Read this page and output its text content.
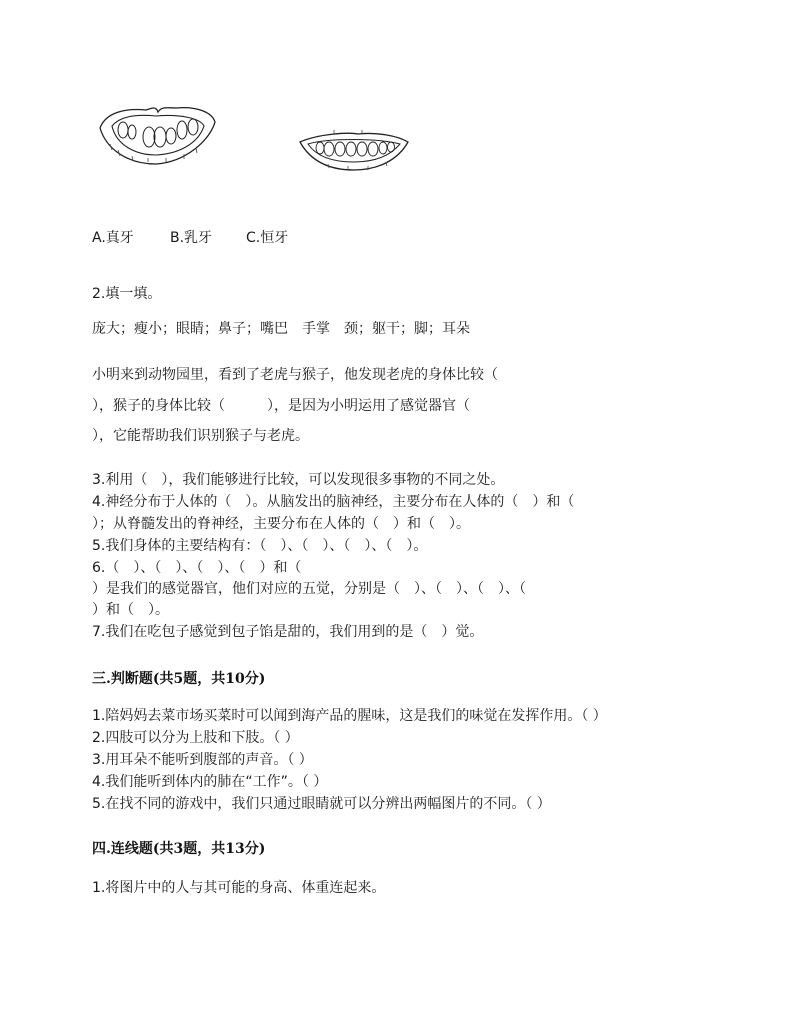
A.真牙	B.乳牙 C.恒牙
2.填一填。
庞大；瘦小；眼睛；鼻子；嘴巴　手掌　颈；躯干；脚；耳朵
小明来到动物园里，看到了老虎与猴子，他发现老虎的身体比较（
），猴子的身体比较（　　　），是因为小明运用了感觉器官（
），它能帮助我们识别猴子与老虎。
3.利用（　），我们能够进行比较，可以发现很多事物的不同之处。
4.神经分布于人体的（　）。从脑发出的脑神经，主要分布在人体的（　）和（
）；从脊髓发出的脊神经，主要分布在人体的（　）和（　）。
5.我们身体的主要结构有：（　）、（　）、（　）、（　）。
6.（　）、（　）、（　）、（　）和（
）是我们的感觉器官，他们对应的五觉，分别是（　）、（　）、（　）、（
）和（　）。
7.我们在吃包子感觉到包子馅是甜的，我们用到的是（　）觉。
三.判断题(共5题，共10分)
1.陪妈妈去菜市场买菜时可以闻到海产品的腥味，这是我们的味觉在发挥作用。（ ）
2.四肢可以分为上肢和下肢。（ ）
3.用耳朵不能听到腹部的声音。（ ）
4.我们能听到体内的肺在“工作”。（ ）
5.在找不同的游戏中，我们只通过眼睛就可以分辨出两幅图片的不同。（ ）
四.连线题(共3题，共13分)
1.将图片中的人与其可能的身高、体重连起来。
